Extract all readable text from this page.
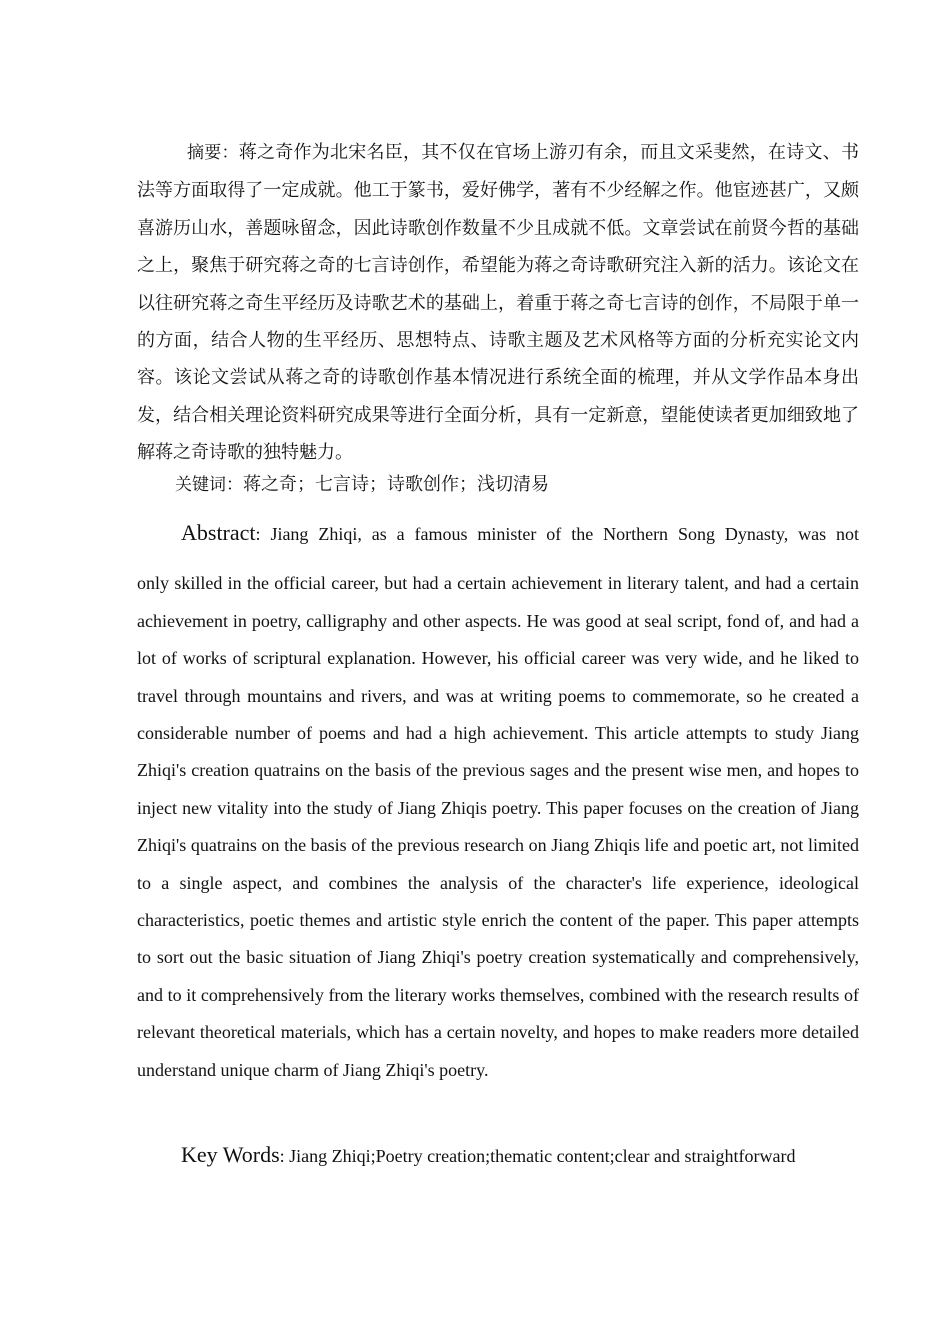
摘要：蒋之奇作为北宋名臣，其不仅在官场上游刃有余，而且文采斐然，在诗文、书法等方面取得了一定成就。他工于篆书，爱好佛学，著有不少经解之作。他宦迹甚广，又颇喜游历山水，善题咏留念，因此诗歌创作数量不少且成就不低。文章尝试在前贤今哲的基础之上，聚焦于研究蒋之奇的七言诗创作，希望能为蒋之奇诗歌研究注入新的活力。该论文在以往研究蒋之奇生平经历及诗歌艺术的基础上，着重于蒋之奇七言诗的创作，不局限于单一的方面，结合人物的生平经历、思想特点、诗歌主题及艺术风格等方面的分析充实论文内容。该论文尝试从蒋之奇的诗歌创作基本情况进行系统全面的梳理，并从文学作品本身出发，结合相关理论资料研究成果等进行全面分析，具有一定新意，望能使读者更加细致地了解蒋之奇诗歌的独特魅力。

关键词：蒋之奇；七言诗；诗歌创作；浅切清易

Abstract: Jiang Zhiqi, as a famous minister of the Northern Song Dynasty, was not
only skilled in the official career, but had a certain achievement in literary talent, and had a certain achievement in poetry, calligraphy and other aspects. He was good at seal script, fond of, and had a lot of works of scriptural explanation. However, his official career was very wide, and he liked to travel through mountains and rivers, and was at writing poems to commemorate, so he created a considerable number of poems and had a high achievement. This article attempts to study Jiang Zhiqi's creation quatrains on the basis of the previous sages and the present wise men, and hopes to inject new vitality into the study of Jiang Zhiqis poetry. This paper focuses on the creation of Jiang Zhiqi's quatrains on the basis of the previous research on Jiang Zhiqis life and poetic art, not limited to a single aspect, and combines the analysis of the character's life experience, ideological characteristics, poetic themes and artistic style enrich the content of the paper. This paper attempts to sort out the basic situation of Jiang Zhiqi's poetry creation systematically and comprehensively, and to it comprehensively from the literary works themselves, combined with the research results of relevant theoretical materials, which has a certain novelty, and hopes to make readers more detailed understand unique charm of Jiang Zhiqi's poetry.

Key Words: Jiang Zhiqi;Poetry creation;thematic content;clear and straightforward
